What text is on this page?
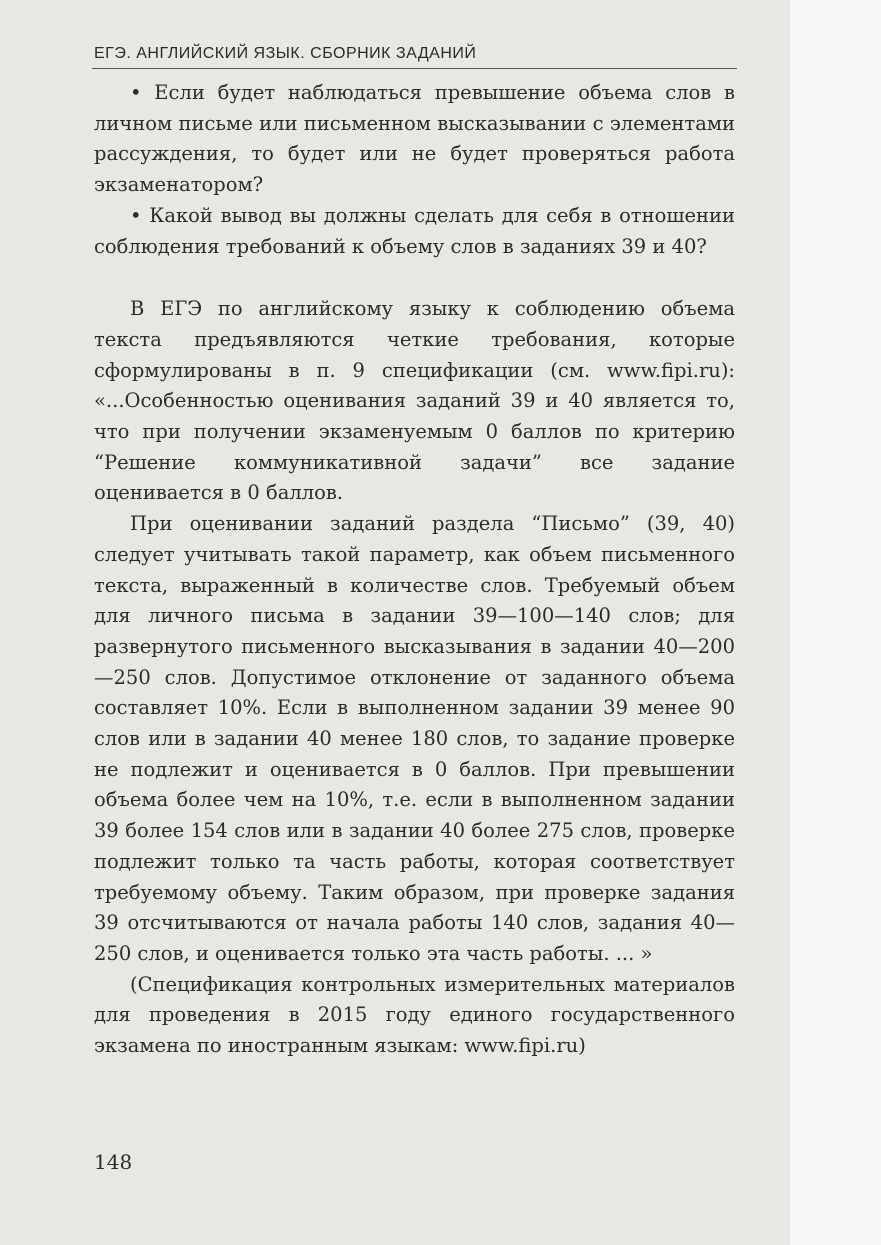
ЕГЭ. АНГЛИЙСКИЙ ЯЗЫК. СБОРНИК ЗАДАНИЙ

• Если будет наблюдаться превышение объема слов в личном письме или письменном высказывании с элементами рассуждения, то будет или не будет проверяться работа экзаменатором?

• Какой вывод вы должны сделать для себя в отношении соблюдения требований к объему слов в заданиях 39 и 40?

В ЕГЭ по английскому языку к соблюдению объема текста предъявляются четкие требования, которые сформулированы в п. 9 спецификации (см. www.fipi.ru): «...Особенностью оценивания заданий 39 и 40 является то, что при получении экзаменуемым 0 баллов по критерию “Решение коммуникативной задачи” все задание оценивается в 0 баллов.

При оценивании заданий раздела “Письмо” (39, 40) следует учитывать такой параметр, как объем письменного текста, выраженный в количестве слов. Требуемый объем для личного письма в задании 39—100—140 слов; для развернутого письменного высказывания в задании 40—200—250 слов. Допустимое отклонение от заданного объема составляет 10%. Если в выполненном задании 39 менее 90 слов или в задании 40 менее 180 слов, то задание проверке не подлежит и оценивается в 0 баллов. При превышении объема более чем на 10%, т.е. если в выполненном задании 39 более 154 слов или в задании 40 более 275 слов, проверке подлежит только та часть работы, которая соответствует требуемому объему. Таким образом, при проверке задания 39 отсчитываются от начала работы 140 слов, задания 40—250 слов, и оценивается только эта часть работы. ... »

(Спецификация контрольных измерительных материалов для проведения в 2015 году единого государственного экзамена по иностранным языкам: www.fipi.ru)

148
